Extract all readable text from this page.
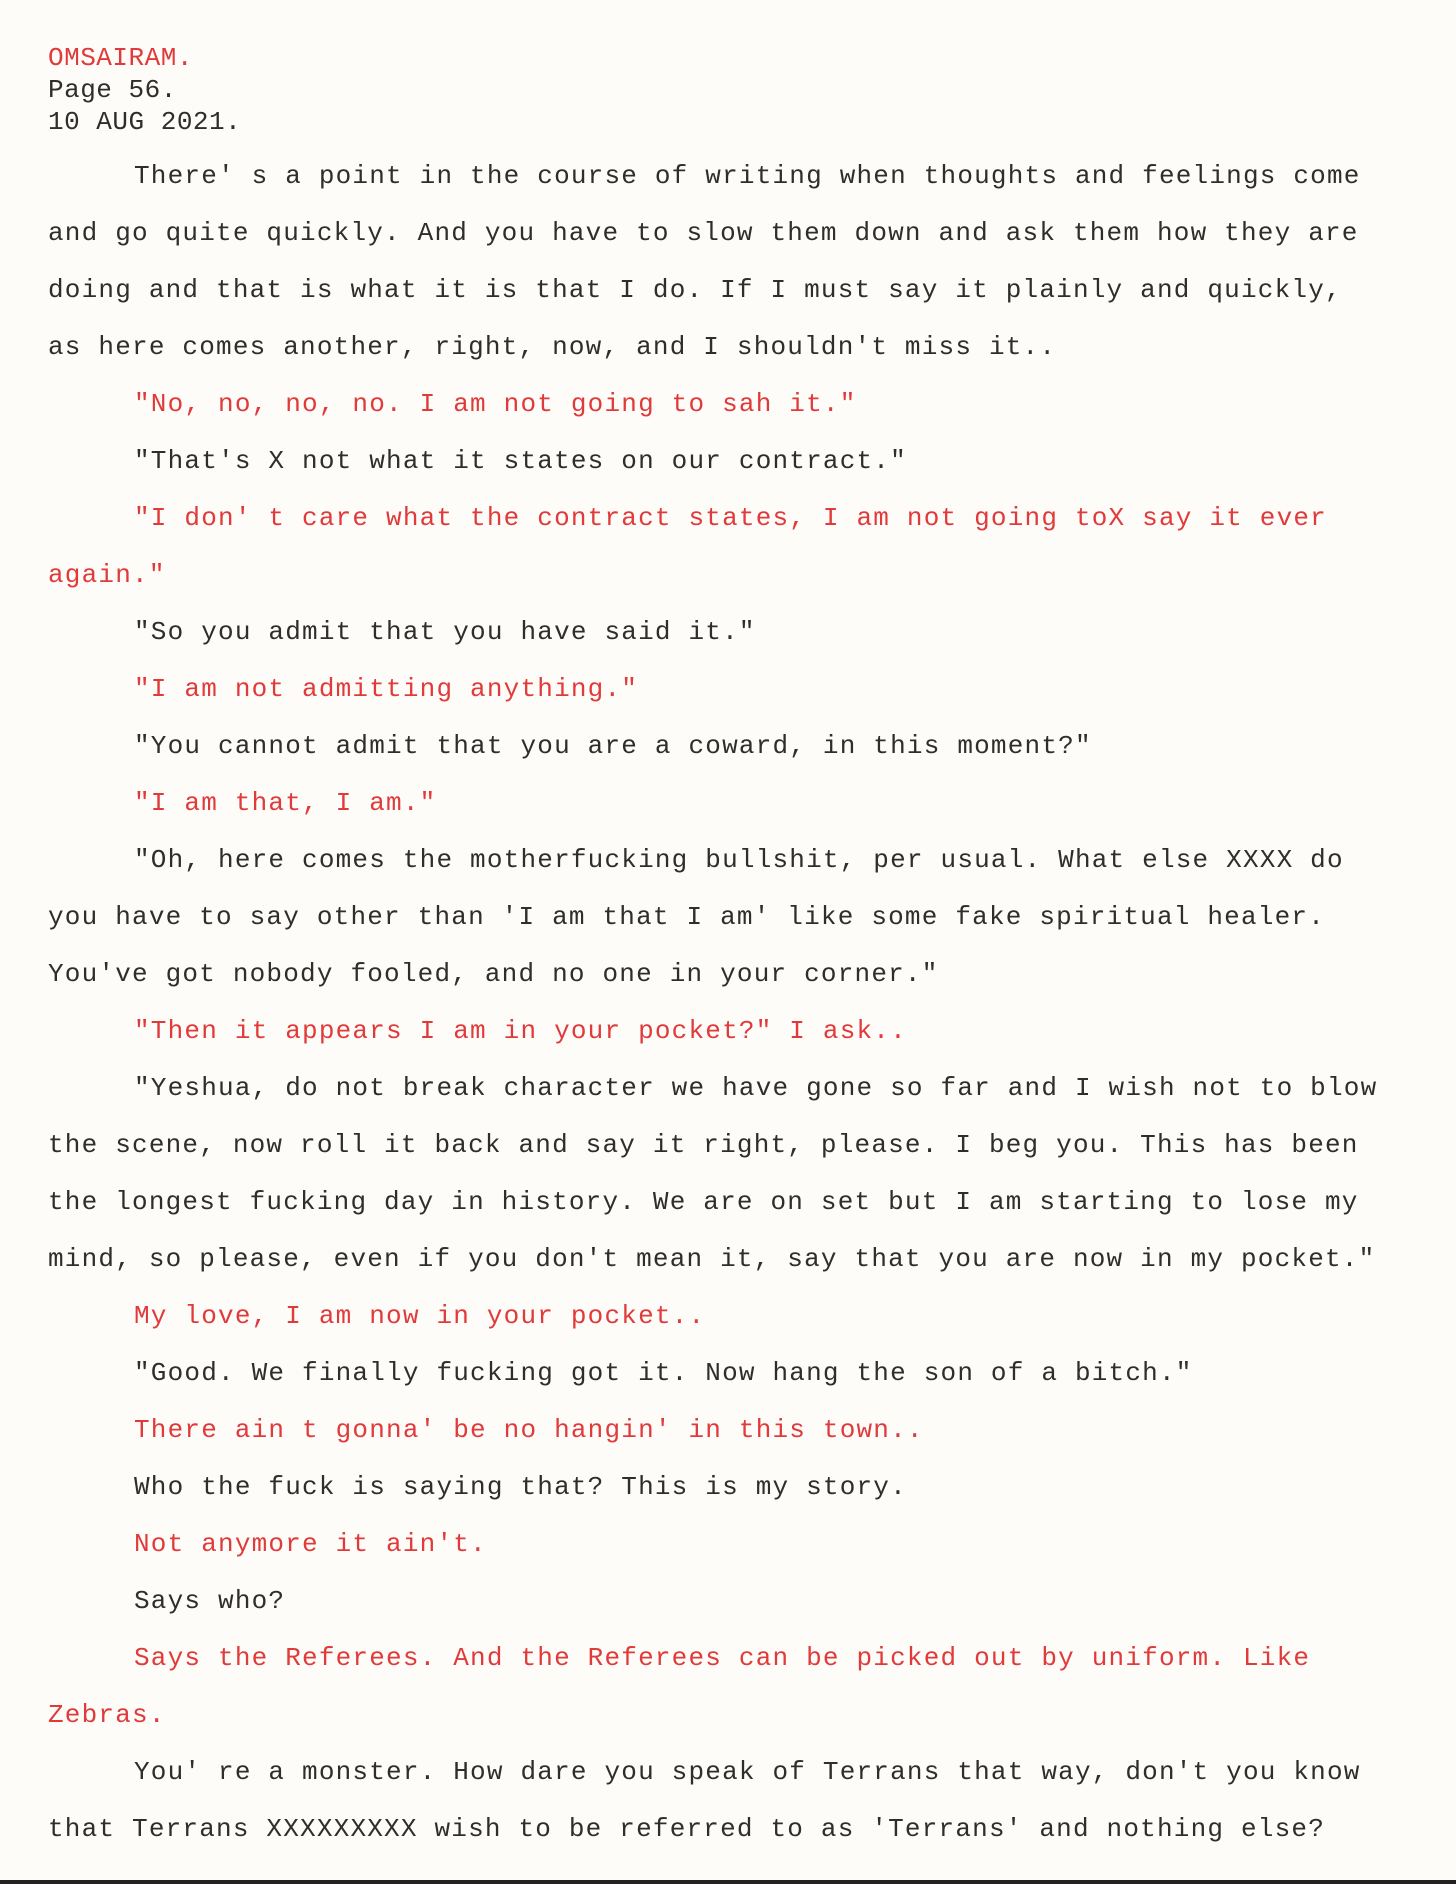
OMSAIRAM.
Page 56.
10 AUG 2021.
There' s a point in the course of writing when thoughts and feelings come
and go quite quickly. And you have to slow them down and ask them how they are
doing and that is what it is that I do. If I must say it plainly and quickly,
as here comes another, right, now, and I shouldn't miss it..
"No, no, no, no. I am not going to sah it."
"That's X not what it states on our contract."
"I don' t care what the contract states, I am not going toX say it ever
again."
"So you admit that you have said it."
"I am not admitting anything."
"You cannot admit that you are a coward, in this moment?"
"I am that, I am."
"Oh, here comes the motherfucking bullshit, per usual. What else XXXX do
you have to say other than 'I am that I am' like some fake spiritual healer.
You've got nobody fooled, and no one in your corner."
"Then it appears I am in your pocket?" I ask..
"Yeshua, do not break character we have gone so far and I wish not to blow
the scene, now roll it back and say it right, please. I beg you. This has been
the longest fucking day in history. We are on set but I am starting to lose my
mind, so please, even if you don't mean it, say that you are now in my pocket."
My love, I am now in your pocket..
"Good. We finally fucking got it. Now hang the son of a bitch."
There ain t gonna' be no hangin' in this town..
Who the fuck is saying that? This is my story.
Not anymore it ain't.
Says who?
Says the Referees. And the Referees can be picked out by uniform. Like
Zebras.
You' re a monster. How dare you speak of Terrans that way, don't you know
that Terrans XXXXXXXXX wish to be referred to as 'Terrans' and nothing else?
